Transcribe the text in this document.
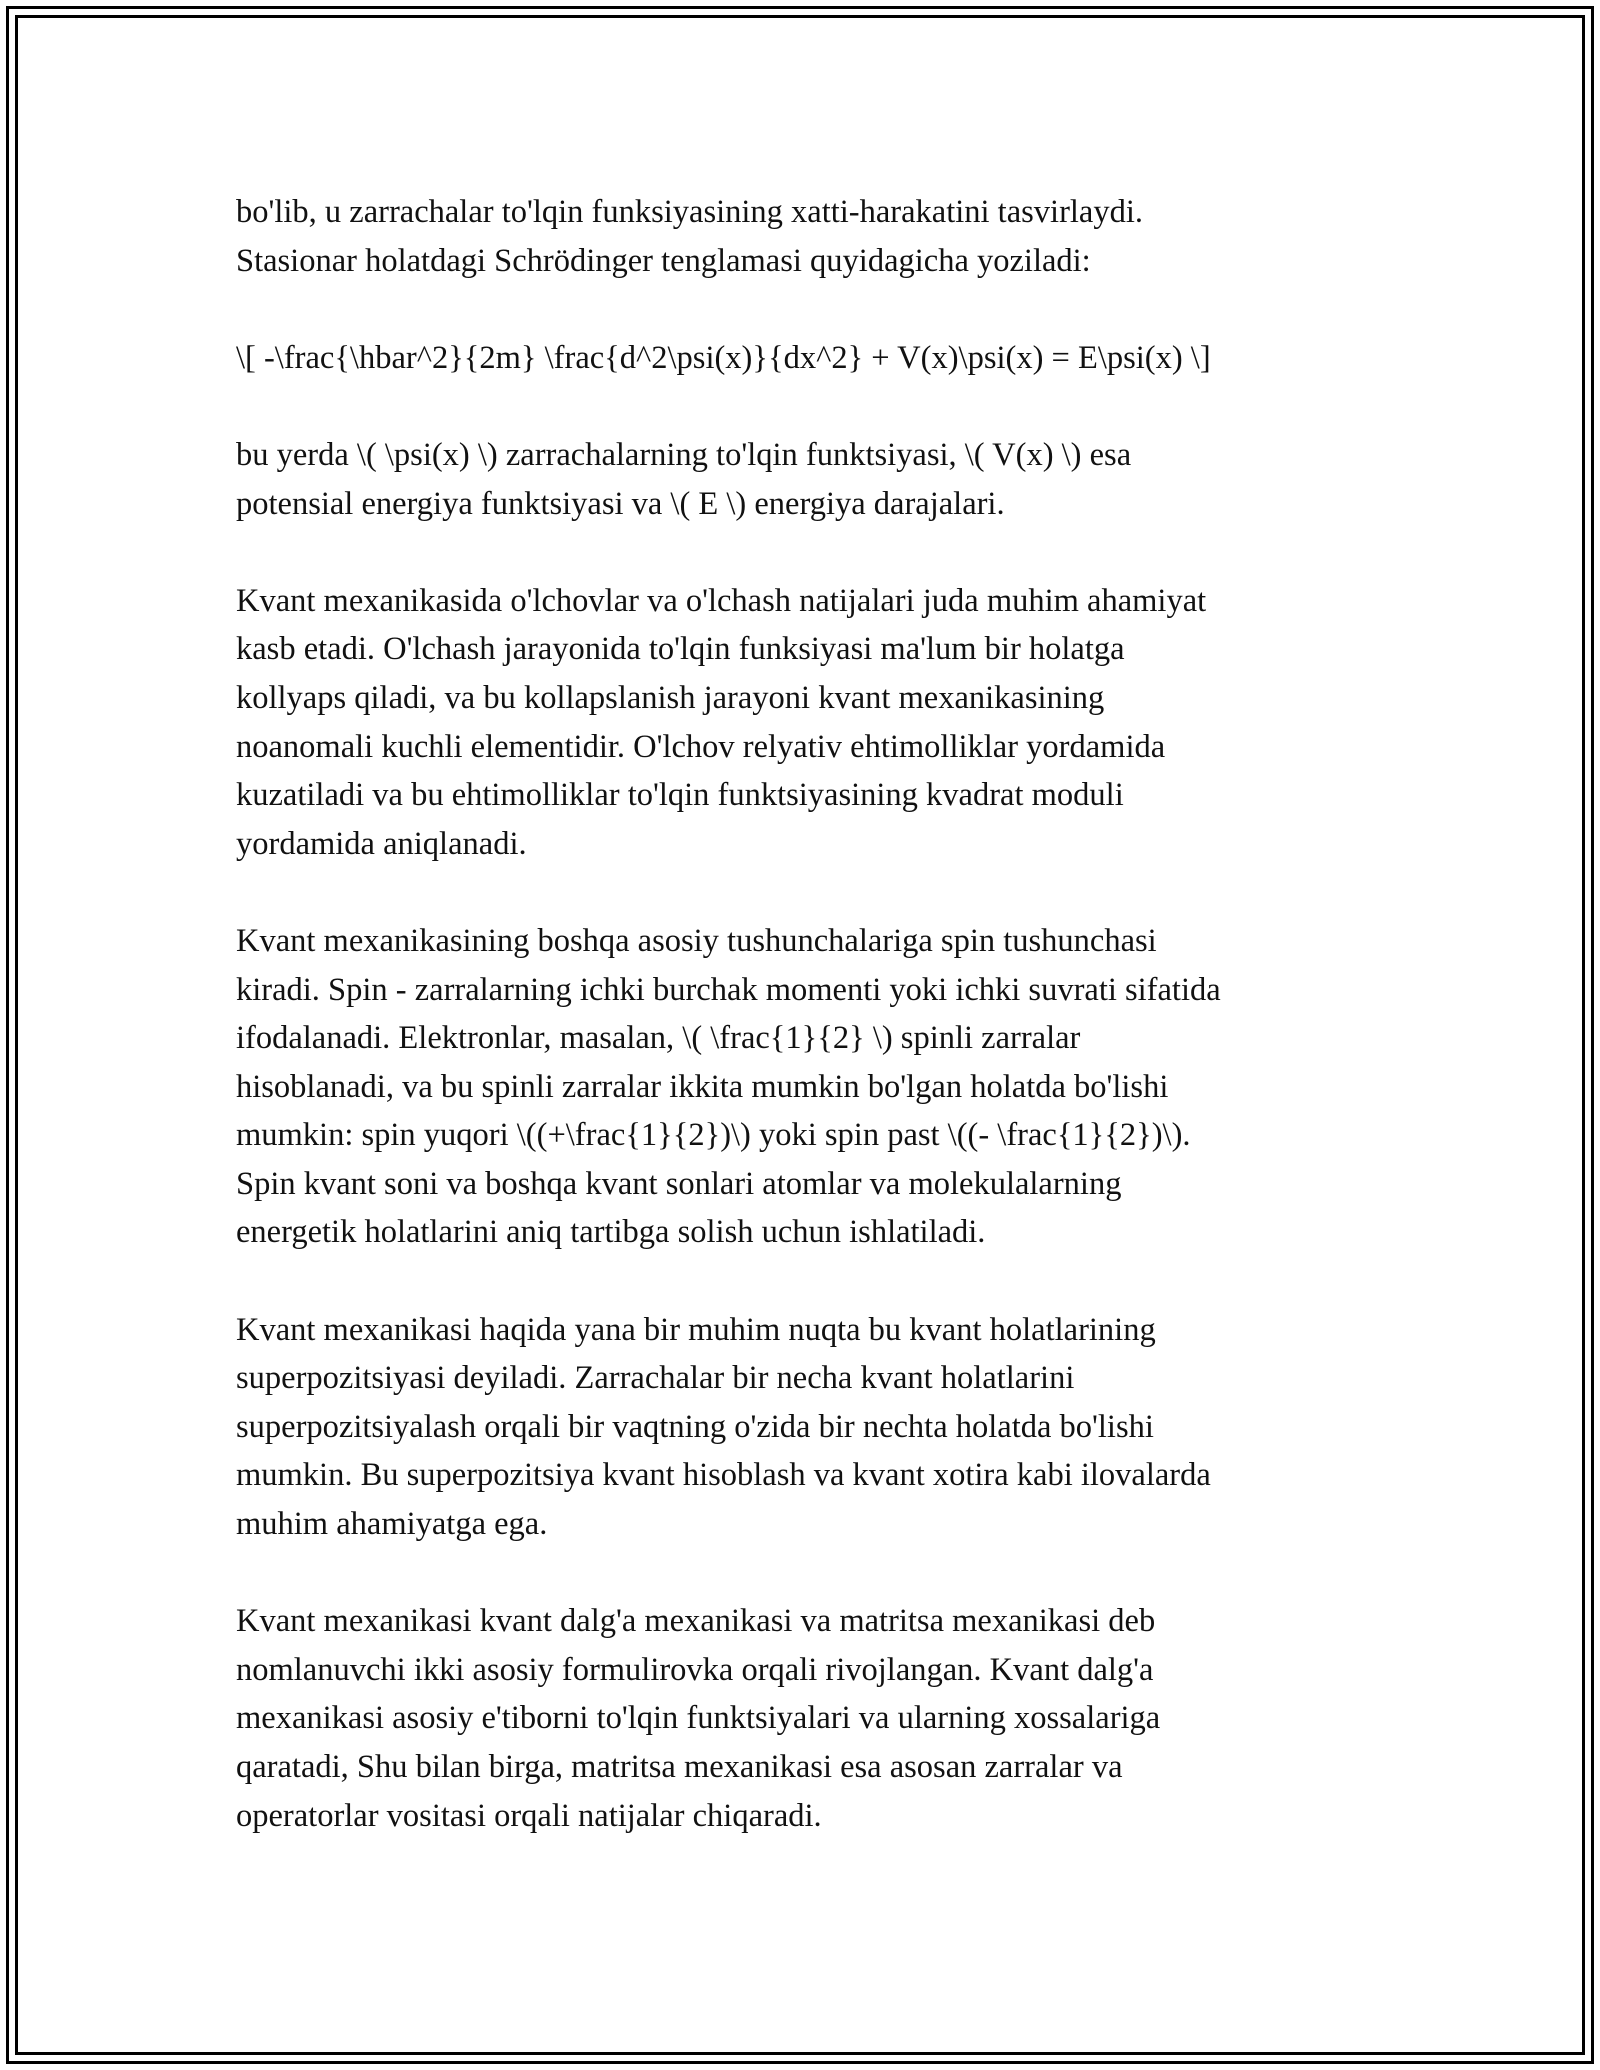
bo'lib, u zarrachalar to'lqin funksiyasining xatti-harakatini tasvirlaydi.
Stasionar holatdagi Schrödinger tenglamasi quyidagicha yoziladi:

\[ -\frac{\hbar^2}{2m} \frac{d^2\psi(x)}{dx^2} + V(x)\psi(x) = E\psi(x) \]

bu yerda \( \psi(x) \) zarrachalarning to'lqin funktsiyasi, \( V(x) \) esa
potensial energiya funktsiyasi va \( E \) energiya darajalari.

Kvant mexanikasida o'lchovlar va o'lchash natijalari juda muhim ahamiyat
kasb etadi. O'lchash jarayonida to'lqin funksiyasi ma'lum bir holatga
kollyaps qiladi, va bu kollapslanish jarayoni kvant mexanikasining
noanomali kuchli elementidir. O'lchov relyativ ehtimolliklar yordamida
kuzatiladi va bu ehtimolliklar to'lqin funktsiyasining kvadrat moduli
yordamida aniqlanadi.

Kvant mexanikasining boshqa asosiy tushunchalariga spin tushunchasi
kiradi. Spin - zarralarning ichki burchak momenti yoki ichki suvrati sifatida
ifodalanadi. Elektronlar, masalan, \( \frac{1}{2} \) spinli zarralar
hisoblanadi, va bu spinli zarralar ikkita mumkin bo'lgan holatda bo'lishi
mumkin: spin yuqori \((+\frac{1}{2})\) yoki spin past \((- \frac{1}{2})\).
Spin kvant soni va boshqa kvant sonlari atomlar va molekulalarning
energetik holatlarini aniq tartibga solish uchun ishlatiladi.

Kvant mexanikasi haqida yana bir muhim nuqta bu kvant holatlarining
superpozitsiyasi deyiladi. Zarrachalar bir necha kvant holatlarini
superpozitsiyalash orqali bir vaqtning o'zida bir nechta holatda bo'lishi
mumkin. Bu superpozitsiya kvant hisoblash va kvant xotira kabi ilovalarda
muhim ahamiyatga ega.

Kvant mexanikasi kvant dalg'a mexanikasi va matritsa mexanikasi deb
nomlanuvchi ikki asosiy formulirovka orqali rivojlangan. Kvant dalg'a
mexanikasi asosiy e'tiborni to'lqin funktsiyalari va ularning xossalariga
qaratadi, Shu bilan birga, matritsa mexanikasi esa asosan zarralar va
operatorlar vositasi orqali natijalar chiqaradi.
